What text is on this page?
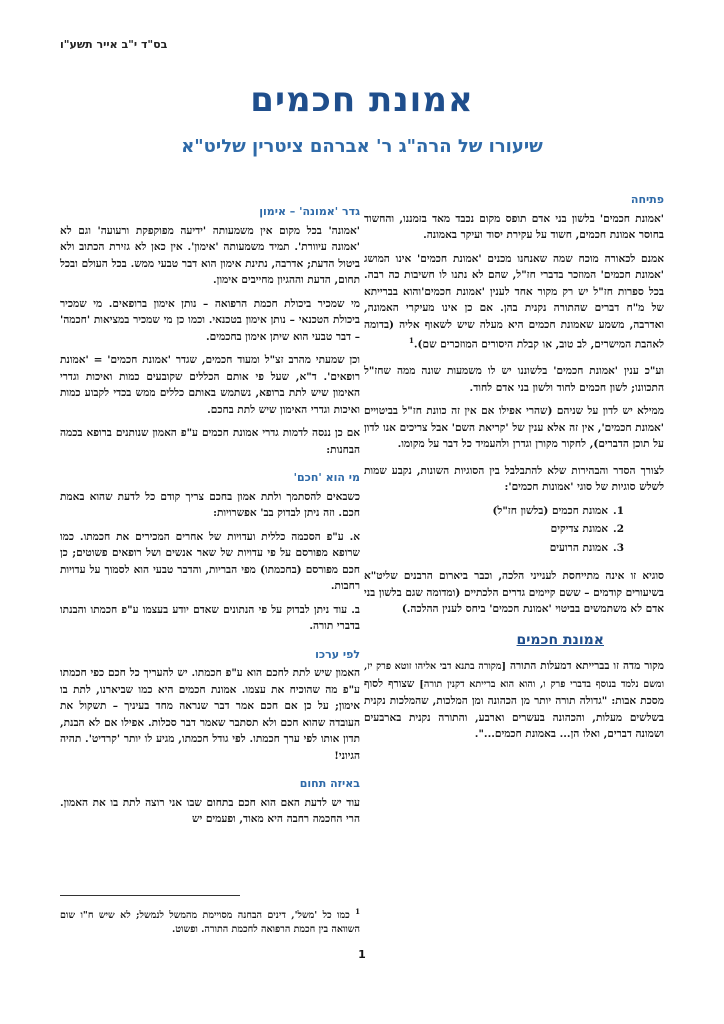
בס"ד י"ב אייר תשע"ו
אמונת חכמים
שיעורו של הרה"ג ר' אברהם ציטרין שליט"א
פתיחה

'אמונת חכמים' בלשון בני אדם תופס מקום נכבד מאד בזמננו, והחשוד בחוסר אמונת חכמים, חשוד על עקירת יסוד ועיקר באמונה.

אמנם לכאורה מוכח שמה שאנחנו מכנים 'אמונת חכמים' אינו המושג 'אמונת חכמים' המוזכר בדברי חז"ל, שהם לא נתנו לו חשיבות כה רבה. בכל ספרות חז"ל יש רק מקור אחד לענין 'אמונת חכמים'והוא בברייתא של מ"ח דברים שהתורה נקנית בהן. אם כן אינו מעיקרי האמונה, ואדרבה, משמע שאמונת חכמים היא מעלה שיש לשאוף אליה (בדומה לאהבת המישרים, לב טוב, או קבלת היסורים המוזכרים שם).$^1$

וע"כ ענין 'אמונת חכמים' בלשוננו יש לו משמעות שונה ממה שחז"ל התכוונו; לשון חכמים לחוד ולשון בני אדם לחוד.

ממילא יש לדון על שניהם (שהרי אפילו אם אין זה כוונת חז"ל בביטויים 'אמונת חכמים', אין זה אלא ענין של 'קריאת השם' אבל צריכים אנו לדון על תוכן הדברים), לחקור מקורן וגדרן ולהעמיד כל דבר על מקומו.

לצורך הסדר והבהירות שלא להתבלבל בין הסוגיות השונות, נקבע שמות לשלש סוגיות של סוגי 'אמונות חכמים':

1.אמונת חכמים (בלשון חז"ל)
2.אמונת צדיקים
3.אמונת הרועים

סוגיא זו אינה מתייחסת לענייני הלכה, וכבר ביארום הרבנים שליט"א בשיעורים קודמים – ששם קיימים גדרים הלכתיים (ומדומה שגם בלשון בני אדם לא משתמשים בביטוי 'אמונת חכמים' ביחס לענין ההלכה.)

אמונת חכמים

מקור מדה זו בברייתא דמעלות התורה [מקורה בתנא דבי אליהו זוטא פרק יז, ומשם נלמד בנוסף בדברי פרק ו, והוא הוא ברייתא דקנין תורה] שצורף לסוף מסכת אבות: "גדולה תורה יותר מן הכהונה ומן המלכות, שהמלכות נקנית בשלשים מעלות, והכהונה בעשרים וארבע, והתורה נקנית בארבעים ושמונה דברים, ואלו הן... באמונת חכמים...".

גדר 'אמונה' – אימון

'אמונה' בכל מקום אין משמעותה 'ידיעה מפוקפקת ורעועה' וגם לא 'אמונה עיוורת'. תמיד משמעותה 'אימון'. אין כאן לא גזירת הכתוב ולא ביטול הדעת; אדרבה, נתינת אימון הוא דבר טבעי ממש. בכל העולם ובכל תחום, הדעת וההגיון מחייבים אימון.

מי שמכיר ביכולת חכמת הרפואה – נותן אימון ברופאים. מי שמכיר ביכולת הטכנאי – נותן אימון בטכנאי. וכמו כן מי שמכיר במציאות 'חכמה' – דבר טבעי הוא שיתן אימון בחכמים.

וכן שמעתי מהרב זצ"ל ומעוד חכמים, שגדר 'אמונת חכמים' = 'אמונת רופאים'. ד"א, שעל פי אותם הכללים שקובעים כמות ואיכות וגדרי האימון שיש לתת ברופא, נשתמש באותם כללים ממש בכדי לקבוע כמות ואיכות וגדרי האימון שיש לתת בחכם.

אם כן ננסה לדמות גדרי אמונת חכמים ע"פ האמון שנותנים ברופא בכמה הבחנות:

מי הוא 'חכם'

כשבאים להסתמך ולתת אמון בחכם צריך קודם כל לדעת שהוא באמת חכם. וזה ניתן לבדוק בב' אפשרויות:

א. ע"פ הסכמה כללית ועדויות של אחרים המכירים את חכמתו. כמו שרופא מפורסם על פי עדויות של שאר אנשים ושל רופאים פשוטים; כן חכם מפורסם (בחכמתו) מפי הבריות, והדבר טבעי הוא לסמוך על עדויות רחבות.

ב. עוד ניתן לבדוק על פי הנתונים שאדם יודע בעצמו ע"פ חכמתו והבנתו בדברי תורה.

לפי ערכו

האמון שיש לתת לחכם הוא ע"פ חכמתו. יש להעריך כל חכם כפי חכמתו ע"פ מה שהוכיח את עצמו. אמונת חכמים היא כמו שביארנו, לתת בו אימון; על כן אם חכם אמר דבר שנראה מחד בעיניך – תשקול את העובדה שהוא חכם ולא תסתבר שאמר דבר סכלות. אפילו אם לא הבנת, תדון אותו לפי ערך חכמתו. לפי גודל חכמתו, מגיע לו יותר 'קרדיט'. תהיה הגיוני!

באיזה תחום

עוד יש לדעת האם הוא חכם בתחום שבו אני רוצה לתת בו את האמון. הרי החכמה רחבה היא מאוד, ופעמים יש

$^1$ כמו כל 'משל', דינים הבחנה מסויימת מהמשל לנמשל; לא שיש ח"ו שום השוואה בין חכמת הרפואה לחכמת התורה. ופשוט.
1
